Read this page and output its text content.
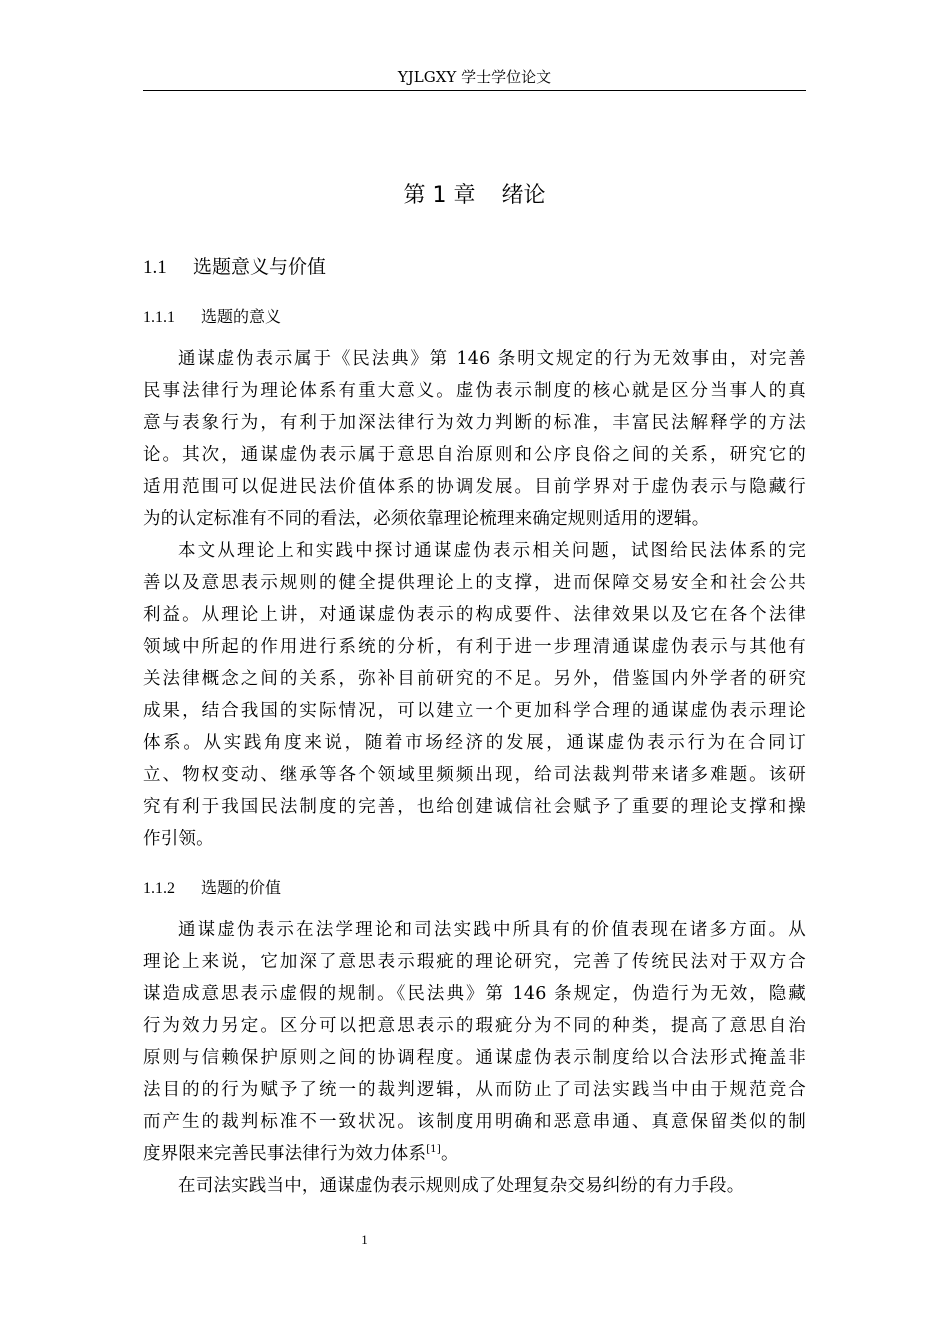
YJLGXY 学士学位论文
第 1 章 绪论
1.1 选题意义与价值
1.1.1 选题的意义
通谋虚伪表示属于《民法典》第 146 条明文规定的行为无效事由，对完善
民事法律行为理论体系有重大意义。虚伪表示制度的核心就是区分当事人的真
意与表象行为，有利于加深法律行为效力判断的标准，丰富民法解释学的方法
论。其次，通谋虚伪表示属于意思自治原则和公序良俗之间的关系，研究它的
适用范围可以促进民法价值体系的协调发展。目前学界对于虚伪表示与隐藏行
为的认定标准有不同的看法，必须依靠理论梳理来确定规则适用的逻辑。
本文从理论上和实践中探讨通谋虚伪表示相关问题，试图给民法体系的完
善以及意思表示规则的健全提供理论上的支撑，进而保障交易安全和社会公共
利益。从理论上讲，对通谋虚伪表示的构成要件、法律效果以及它在各个法律
领域中所起的作用进行系统的分析，有利于进一步理清通谋虚伪表示与其他有
关法律概念之间的关系，弥补目前研究的不足。另外，借鉴国内外学者的研究
成果，结合我国的实际情况，可以建立一个更加科学合理的通谋虚伪表示理论
体系。从实践角度来说，随着市场经济的发展，通谋虚伪表示行为在合同订
立、物权变动、继承等各个领域里频频出现，给司法裁判带来诸多难题。该研
究有利于我国民法制度的完善，也给创建诚信社会赋予了重要的理论支撑和操
作引领。
1.1.2 选题的价值
通谋虚伪表示在法学理论和司法实践中所具有的价值表现在诸多方面。从
理论上来说，它加深了意思表示瑕疵的理论研究，完善了传统民法对于双方合
谋造成意思表示虚假的规制。《民法典》第 146 条规定，伪造行为无效，隐藏
行为效力另定。区分可以把意思表示的瑕疵分为不同的种类，提高了意思自治
原则与信赖保护原则之间的协调程度。通谋虚伪表示制度给以合法形式掩盖非
法目的的行为赋予了统一的裁判逻辑，从而防止了司法实践当中由于规范竞合
而产生的裁判标准不一致状况。该制度用明确和恶意串通、真意保留类似的制
度界限来完善民事法律行为效力体系[1]。
在司法实践当中，通谋虚伪表示规则成了处理复杂交易纠纷的有力手段。
1
